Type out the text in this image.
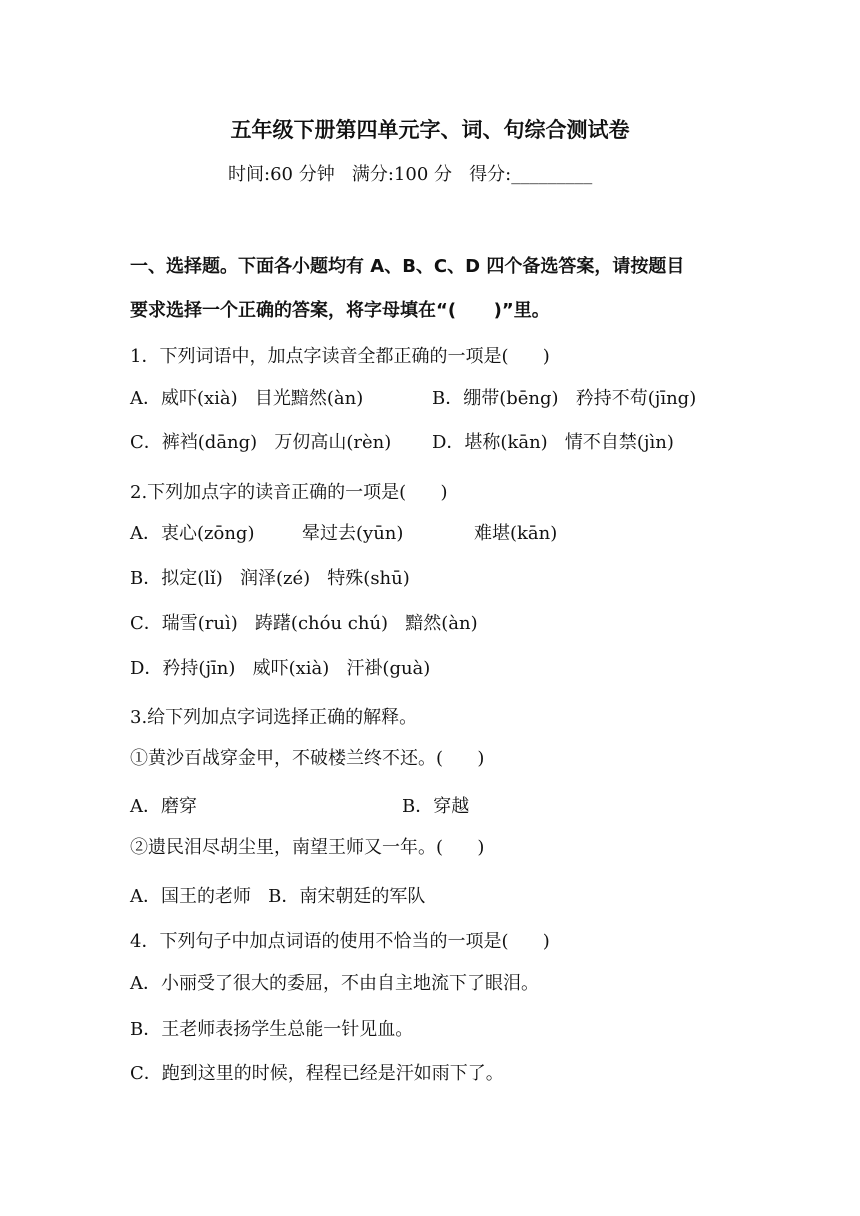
五年级下册第四单元字、词、句综合测试卷
时间:60 分钟   满分:100 分   得分:_________
一、选择题。下面各小题均有 A、B、C、D 四个备选答案，请按题目
要求选择一个正确的答案，将字母填在“(      )”里。
1．下列词语中，加点字读音全都正确的一项是(      )
A．威吓(xià)   目光黯然(àn)	B．绷带(bēng)   矜持不苟(jīng)
C．裤裆(dāng)   万仞高山(rèn) D．堪称(kān)   情不自禁(jìn)
2.下列加点字的读音正确的一项是(      )
A．衷心(zōng)	晕过去(yūn)	难堪(kān)
B．拟定(lǐ)   润泽(zé)   特殊(shū)
C．瑞雪(ruì)   踌躇(chóu chú)   黯然(àn)
D．矜持(jīn)   威吓(xià)   汗褂(guà)
3.给下列加点字词选择正确的解释。
①黄沙百战穿金甲，不破楼兰终不还。(      )
A．磨穿	B．穿越
②遗民泪尽胡尘里，南望王师又一年。(      )
A．国王的老师   B．南宋朝廷的军队
4．下列句子中加点词语的使用不恰当的一项是(      )
A．小丽受了很大的委屈，不由自主地流下了眼泪。
B．王老师表扬学生总能一针见血。
C．跑到这里的时候，程程已经是汗如雨下了。
